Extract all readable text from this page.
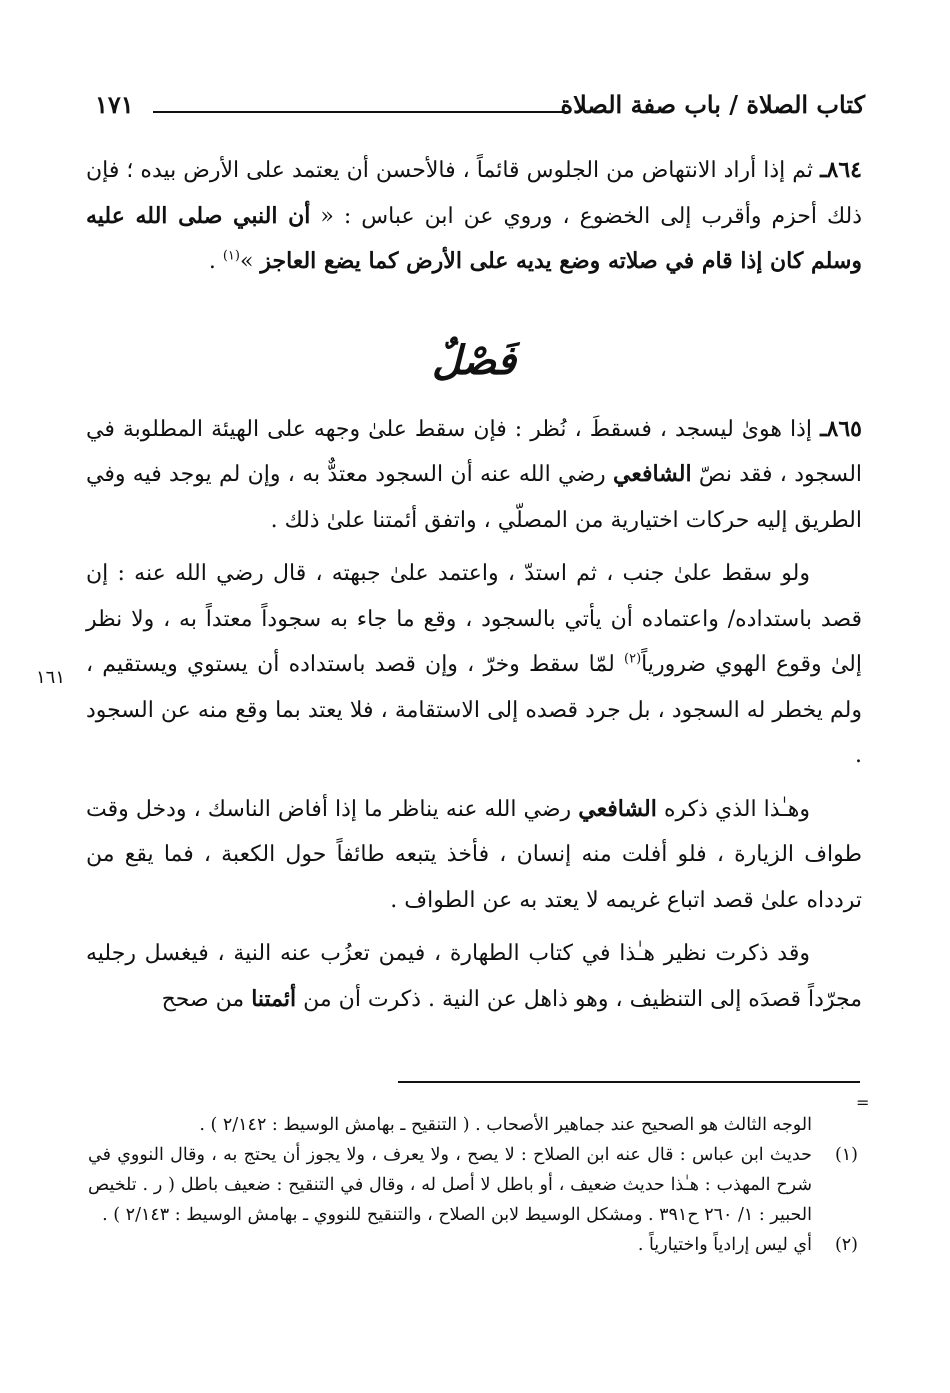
كتاب الصلاة / باب صفة الصلاة
١٧١

٨٦٤ـ ثم إذا أراد الانتهاض من الجلوس قائماً ، فالأحسن أن يعتمد على الأرض بيده ؛ فإن ذلك أحزم وأقرب إلى الخضوع ، وروي عن ابن عباس : « أن النبي صلى الله عليه وسلم كان إذا قام في صلاته وضع يديه على الأرض كما يضع العاجز »$^{(١)}$ .

فَصْلٌ

٨٦٥ـ إذا هوىٰ ليسجد ، فسقطَ ، نُظر : فإن سقط علىٰ وجهه على الهيئة المطلوبة في السجود ، فقد نصّ الشافعي رضي الله عنه أن السجود معتدٌّ به ، وإن لم يوجد فيه وفي الطريق إليه حركات اختيارية من المصلّي ، واتفق أئمتنا علىٰ ذلك .

ولو سقط علىٰ جنب ، ثم استدّ ، واعتمد علىٰ جبهته ، قال رضي الله عنه : إن قصد باستداده/ واعتماده أن يأتي بالسجود ، وقع ما جاء به سجوداً معتداً به ، ولا نظر إلىٰ وقوع الهوي ضرورياً$^{(٢)}$ لمّا سقط وخرّ ، وإن قصد باستداده أن يستوي ويستقيم ، ولم يخطر له السجود ، بل جرد قصده إلى الاستقامة ، فلا يعتد بما وقع منه عن السجود .

وهـٰذا الذي ذكره الشافعي رضي الله عنه يناظر ما إذا أفاض الناسك ، ودخل وقت طواف الزيارة ، فلو أفلت منه إنسان ، فأخذ يتبعه طائفاً حول الكعبة ، فما يقع من تردداه علىٰ قصد اتباع غريمه لا يعتد به عن الطواف .

وقد ذكرت نظير هـٰذا في كتاب الطهارة ، فيمن تعزُب عنه النية ، فيغسل رجليه مجرّداً قصدَه إلى التنظيف ، وهو ذاهل عن النية . ذكرت أن من أئمتنا من صحح

١٦١
=

الوجه الثالث هو الصحيح عند جماهير الأصحاب . ( التنقيح ـ بهامش الوسيط : ٢/١٤٢ ) .

(١)
حديث ابن عباس : قال عنه ابن الصلاح : لا يصح ، ولا يعرف ، ولا يجوز أن يحتج به ، وقال النووي في شرح المهذب : هـٰذا حديث ضعيف ، أو باطل لا أصل له ، وقال في التنقيح : ضعيف باطل ( ر . تلخيص الحبير : ١/ ٢٦٠ ح٣٩١ . ومشكل الوسيط لابن الصلاح ، والتنقيح للنووي ـ بهامش الوسيط : ٢/١٤٣ ) .
(٢)
أي ليس إرادياً واختيارياً .
